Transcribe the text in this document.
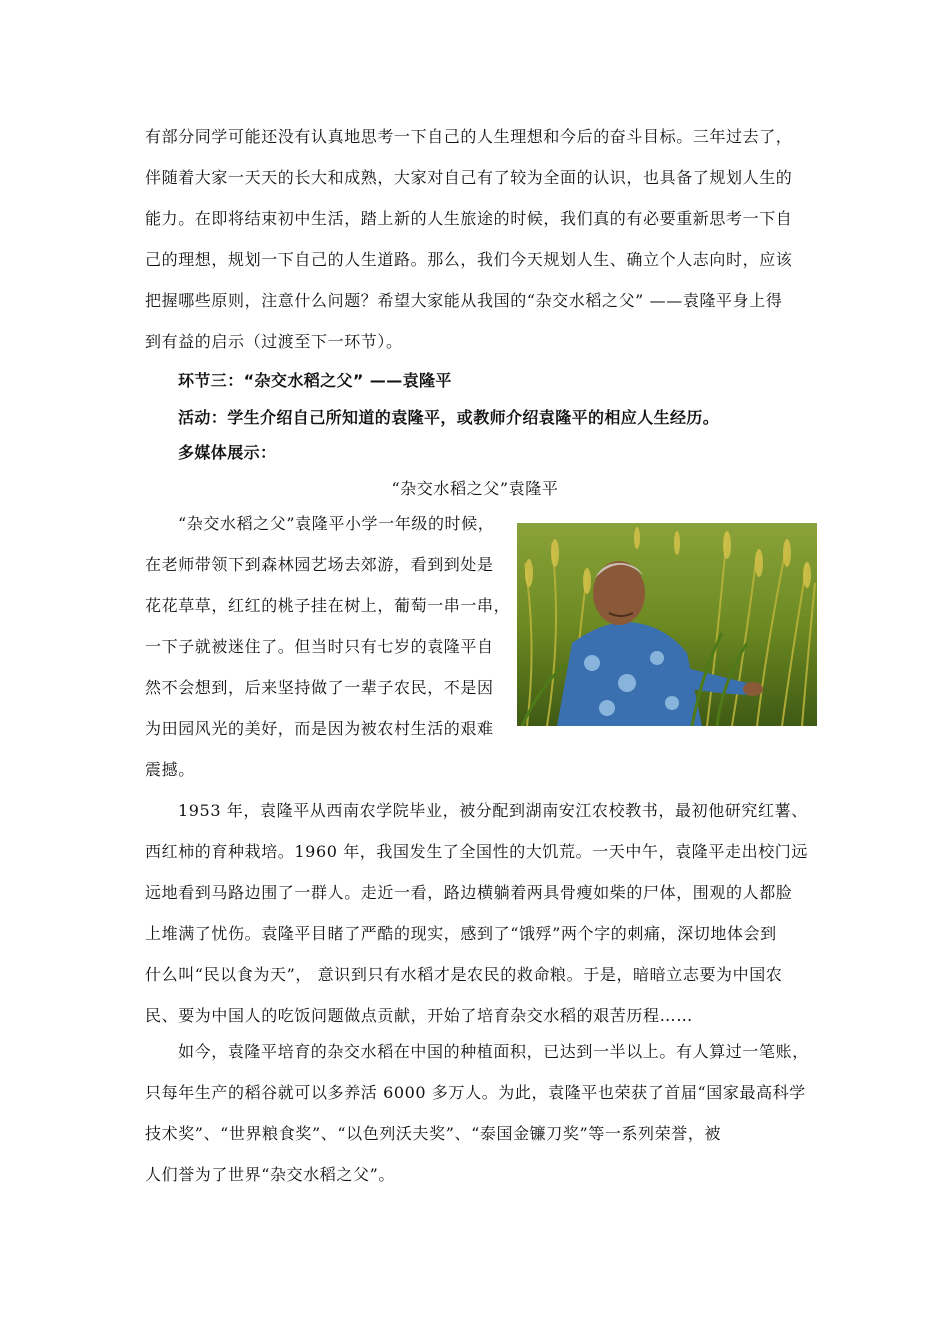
有部分同学可能还没有认真地思考一下自己的人生理想和今后的奋斗目标。三年过去了，
伴随着大家一天天的长大和成熟，大家对自己有了较为全面的认识，也具备了规划人生的
能力。在即将结束初中生活，踏上新的人生旅途的时候，我们真的有必要重新思考一下自
己的理想，规划一下自己的人生道路。那么，我们今天规划人生、确立个人志向时，应该
把握哪些原则，注意什么问题？希望大家能从我国的“杂交水稻之父” ——袁隆平身上得
到有益的启示（过渡至下一环节）。
环节三：“杂交水稻之父” ——袁隆平
活动：学生介绍自己所知道的袁隆平，或教师介绍袁隆平的相应人生经历。
多媒体展示：
“杂交水稻之父”袁隆平
“杂交水稻之父”袁隆平小学一年级的时候，
在老师带领下到森林园艺场去郊游，看到到处是
花花草草，红红的桃子挂在树上，葡萄一串一串，
一下子就被迷住了。但当时只有七岁的袁隆平自
然不会想到，后来坚持做了一辈子农民，不是因
为田园风光的美好，而是因为被农村生活的艰难
震撼。
1953 年，袁隆平从西南农学院毕业，被分配到湖南安江农校教书，最初他研究红薯、
西红柿的育种栽培。1960 年，我国发生了全国性的大饥荒。一天中午，袁隆平走出校门远
远地看到马路边围了一群人。走近一看，路边横躺着两具骨瘦如柴的尸体，围观的人都脸
上堆满了忧伤。袁隆平目睹了严酷的现实，感到了“饿殍”两个字的刺痛，深切地体会到
什么叫“民以食为天”， 意识到只有水稻才是农民的救命粮。于是，暗暗立志要为中国农
民、要为中国人的吃饭问题做点贡献，开始了培育杂交水稻的艰苦历程……
如今，袁隆平培育的杂交水稻在中国的种植面积，已达到一半以上。有人算过一笔账，
只每年生产的稻谷就可以多养活 6000 多万人。为此，袁隆平也荣获了首届“国家最高科学
技术奖”、“世界粮食奖”、“以色列沃夫奖”、“泰国金镰刀奖”等一系列荣誉，被
人们誉为了世界“杂交水稻之父”。
